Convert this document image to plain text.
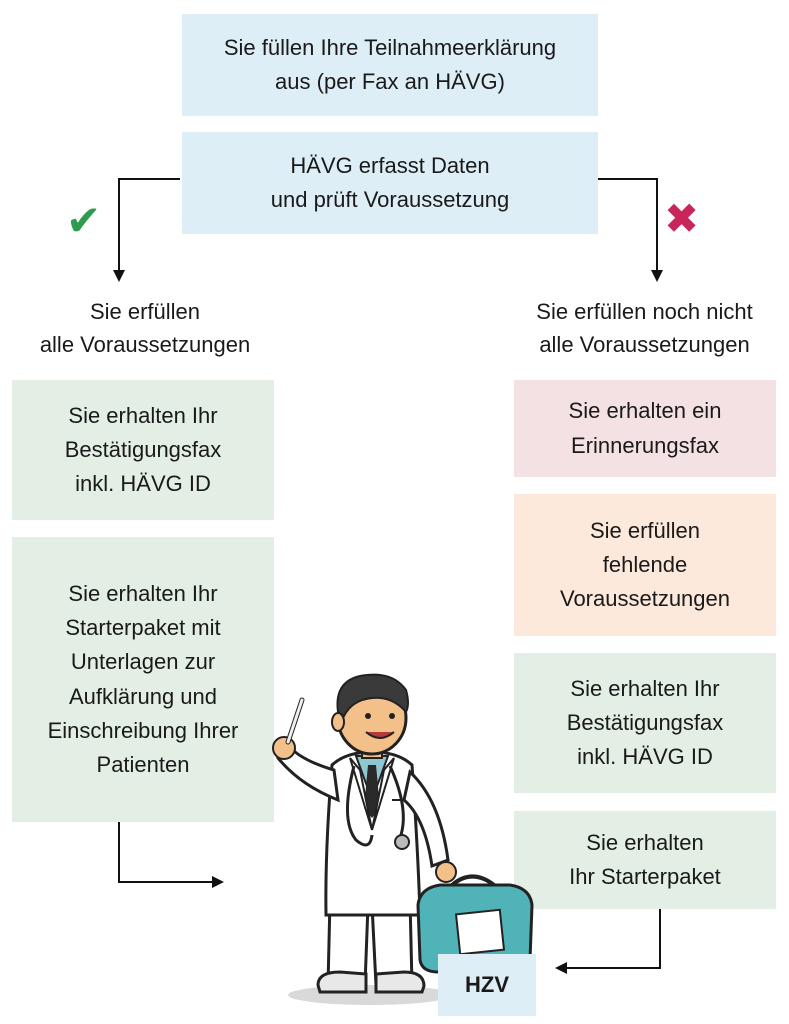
Sie füllen Ihre Teilnahmeerklärung
aus (per Fax an HÄVG)
HÄVG erfasst Daten
und prüft Voraussetzung
✔	✖
Sie erfüllen
alle Voraussetzungen
Sie erfüllen noch nicht
alle Voraussetzungen
Sie erhalten Ihr
Bestätigungsfax
inkl. HÄVG ID
Sie erhalten Ihr
Starterpaket mit
Unterlagen zur
Aufklärung und
Einschreibung Ihrer
Patienten
Sie erhalten ein
Erinnerungsfax
Sie erfüllen
fehlende
Voraussetzungen
Sie erhalten Ihr
Bestätigungsfax
inkl. HÄVG ID
Sie erhalten
Ihr Starterpaket
HZV
